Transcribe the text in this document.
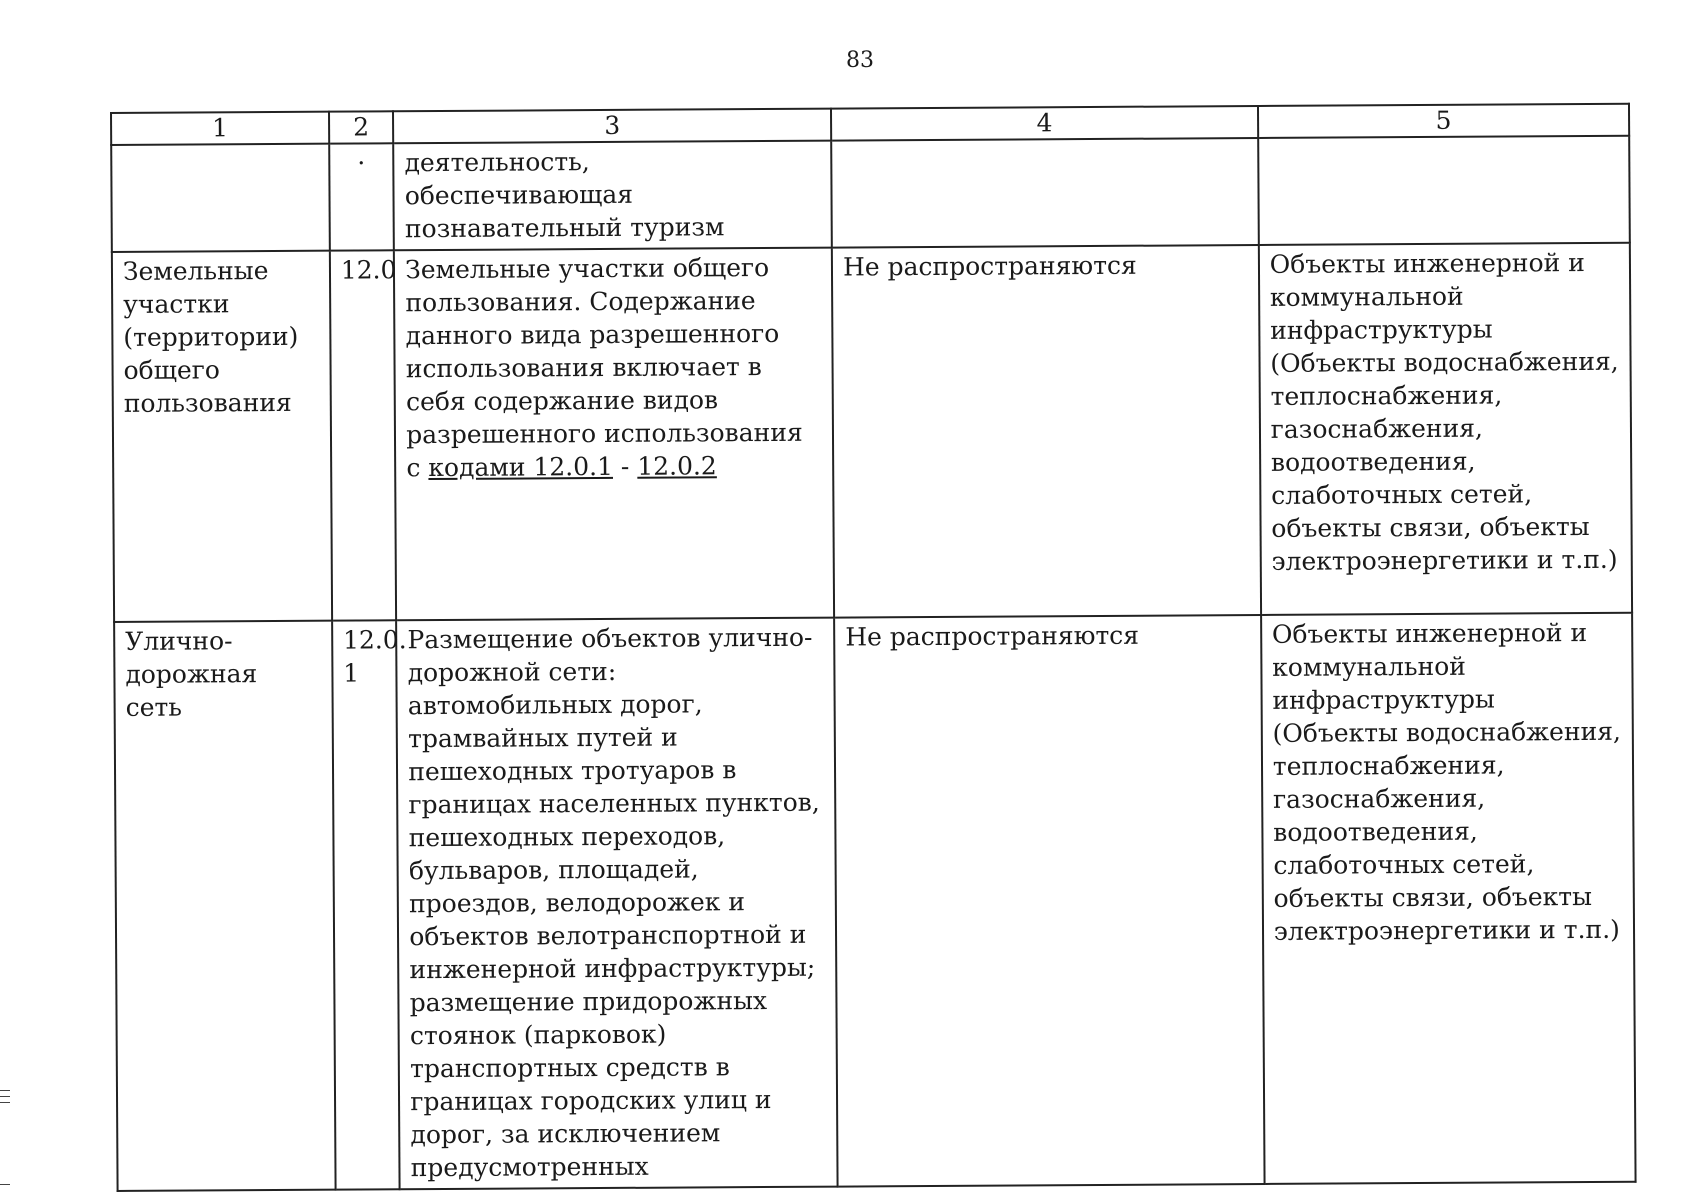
83
1	2	3	4	5
	·	деятельность, обеспечивающая познавательный туризм		
Земельные участки (территории) общего пользования	12.0	Земельные участки общего пользования. Содержание данного вида разрешенного использования включает в себя содержание видов разрешенного использования с кодами 12.0.1 - 12.0.2	Не распространяются	Объекты инженерной и коммунальной инфраструктуры (Объекты водоснабжения, теплоснабжения, газоснабжения, водоотведения, слаботочных сетей, объекты связи, объекты электроэнергетики и т.п.)
Улично-дорожная сеть	12.0. 1	Размещение объектов улично-дорожной сети: автомобильных дорог, трамвайных путей и пешеходных тротуаров в границах населенных пунктов, пешеходных переходов, бульваров, площадей, проездов, велодорожек и объектов велотранспортной и инженерной инфраструктуры;
размещение придорожных стоянок (парковок) транспортных средств в границах городских улиц и дорог, за исключением предусмотренных	Не распространяются	Объекты инженерной и коммунальной инфраструктуры (Объекты водоснабжения, теплоснабжения, газоснабжения, водоотведения, слаботочных сетей, объекты связи, объекты электроэнергетики и т.п.)
